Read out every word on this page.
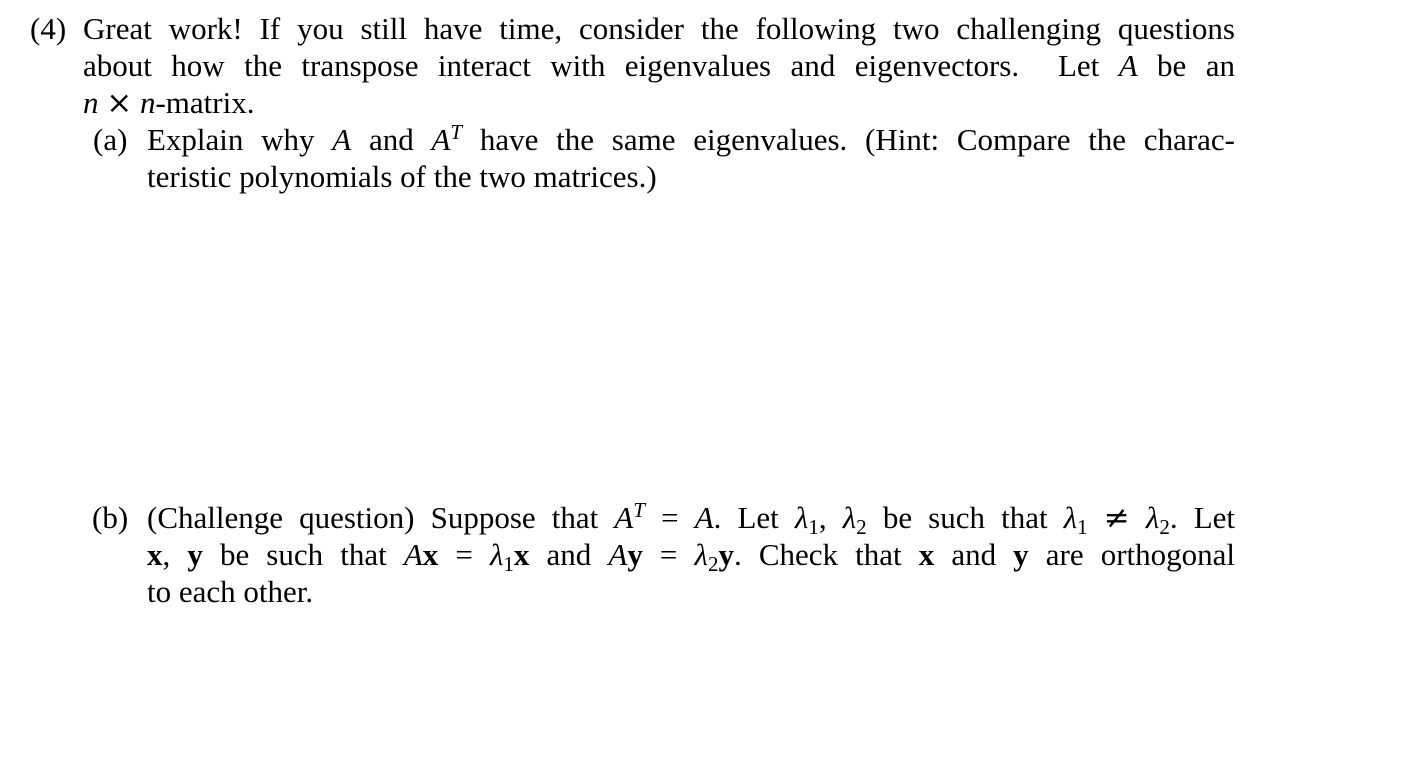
(4) Great work! If you still have time, consider the following two challenging questions
about how the transpose interact with eigenvalues and eigenvectors.  Let A be an
n × n-matrix.
(a) Explain why A and $A^T$ have the same eigenvalues. (Hint: Compare the charac-
teristic polynomials of the two matrices.)
(b) (Challenge question) Suppose that $A^T = A$. Let $\lambda_1$, $\lambda_2$ be such that $\lambda_1 \ne \lambda_2$. Let
x, y be such that $Ax = \lambda_1x$ and $Ay = \lambda_2y$. Check that x and y are orthogonal
to each other.
